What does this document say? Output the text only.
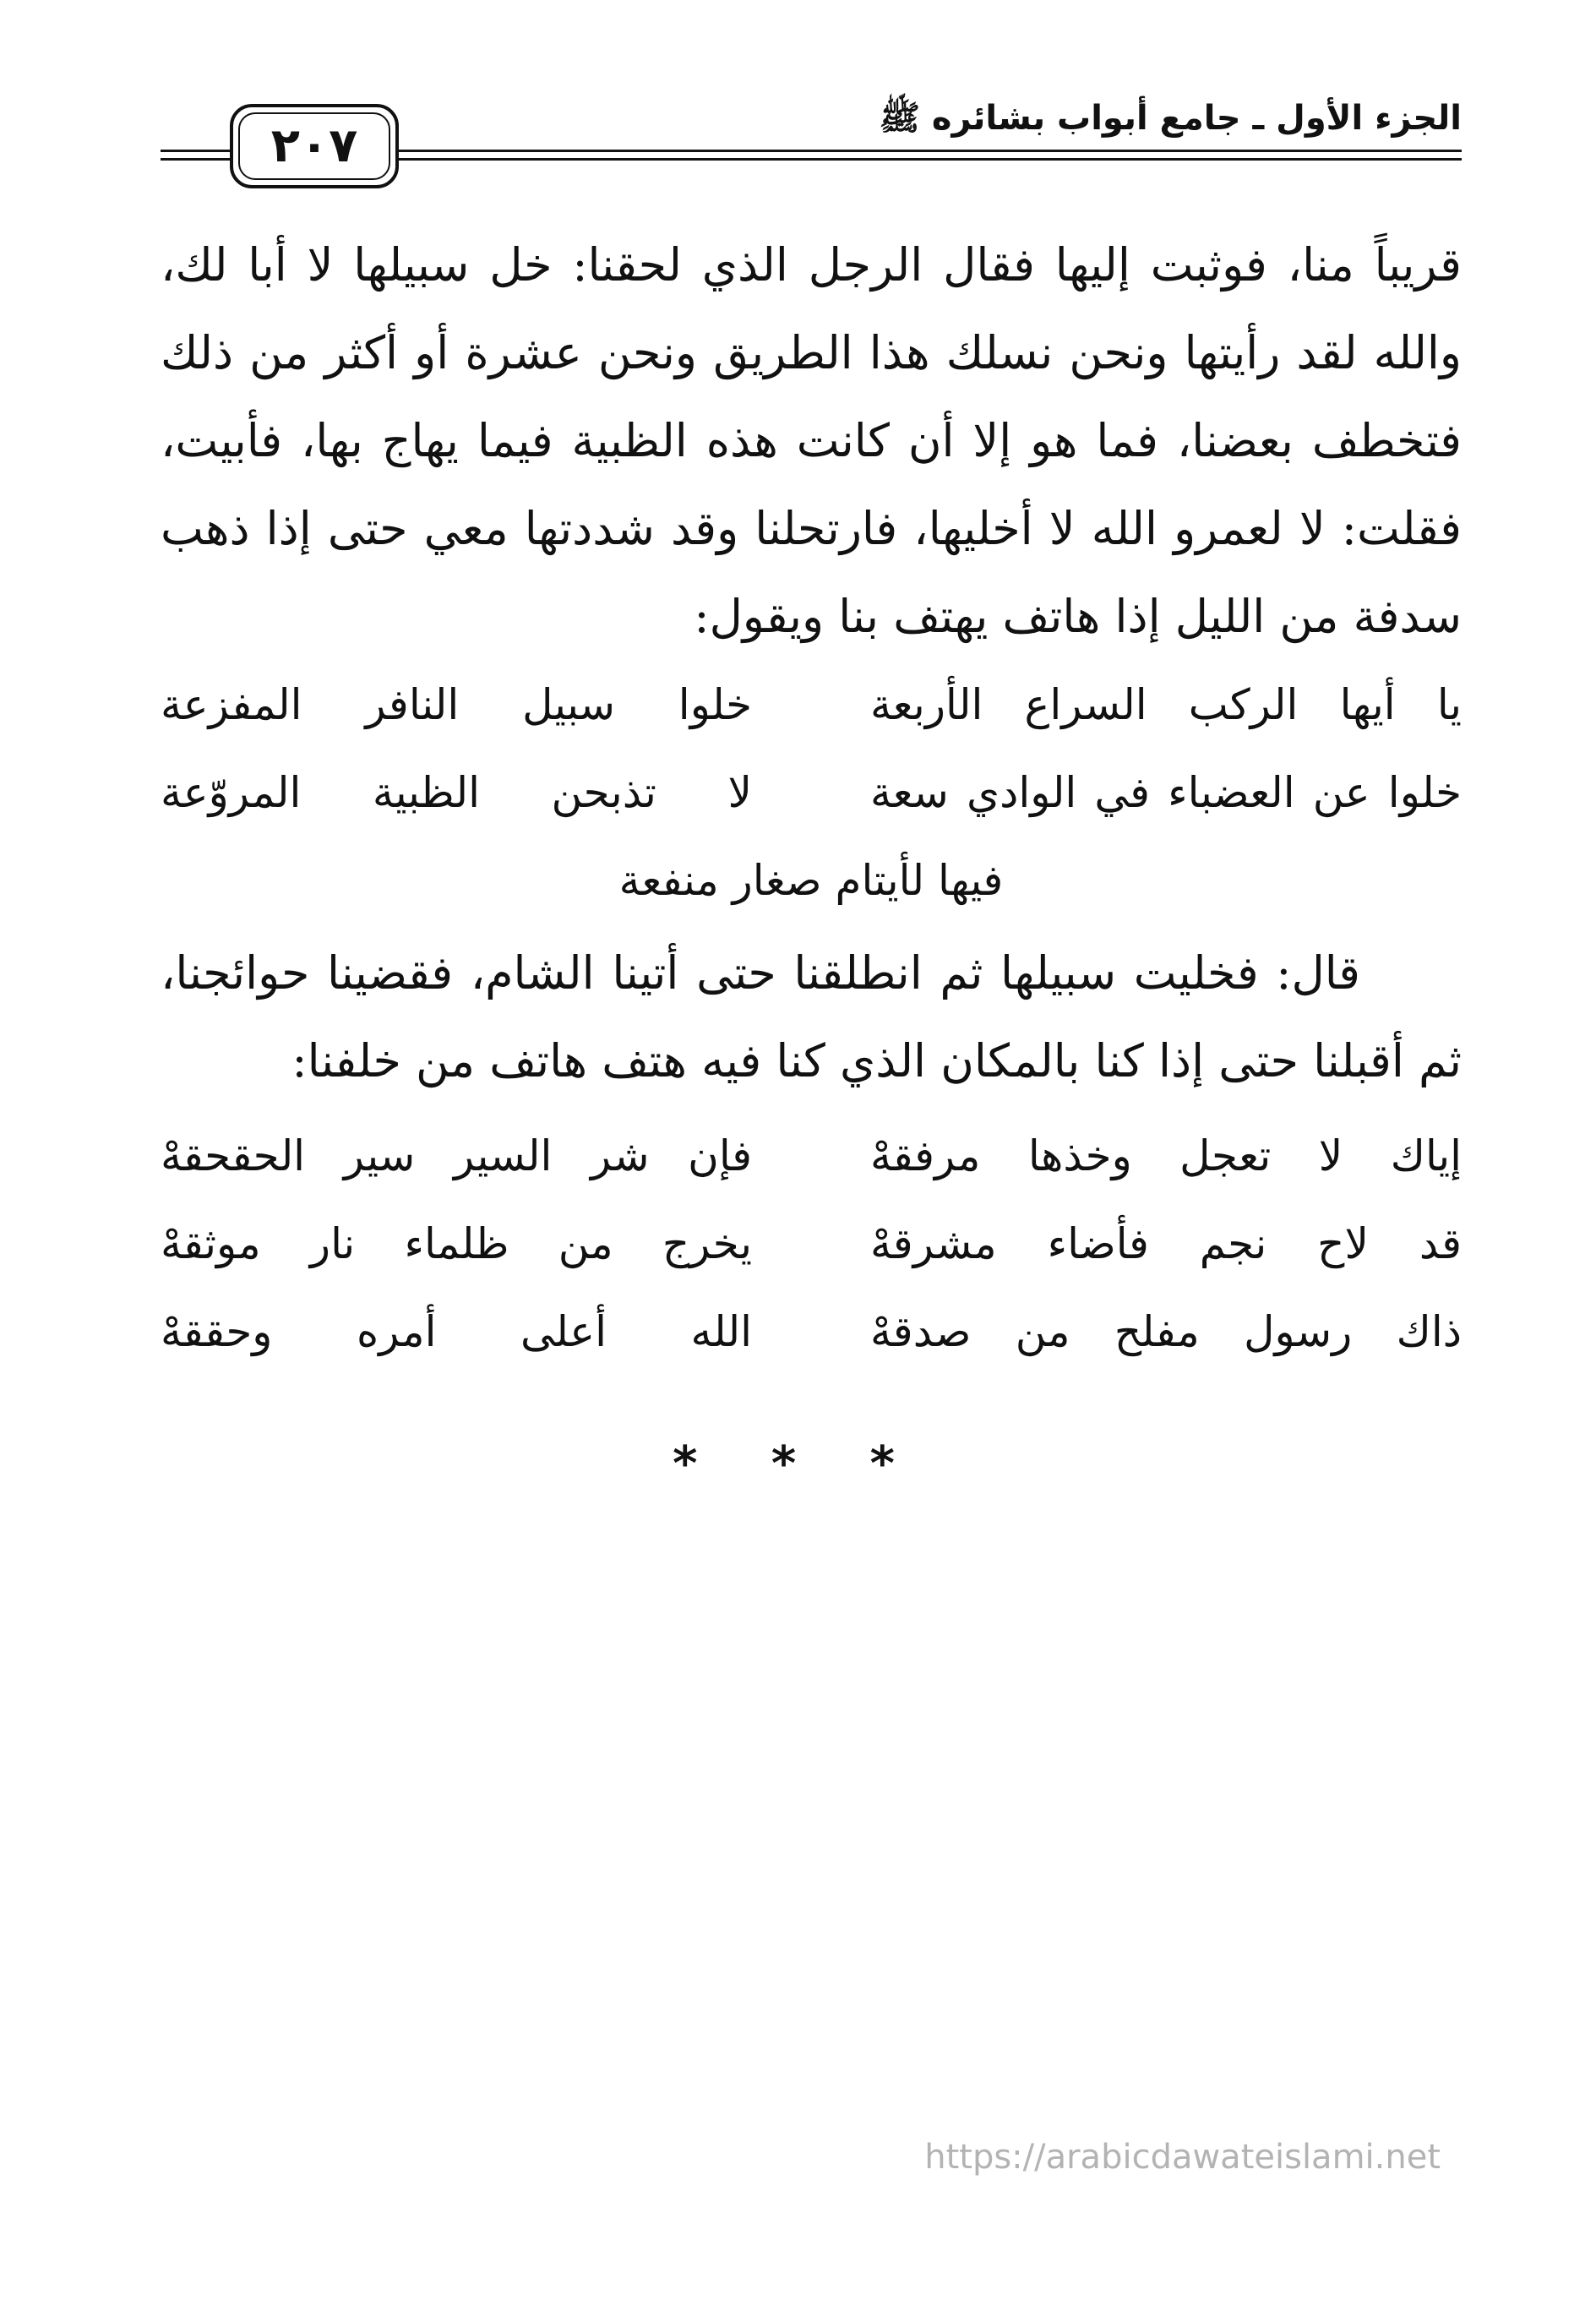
٢٠٧	الجزء الأول ـ جامع أبواب بشائره ﷺ
قريباً منا، فوثبت إليها فقال الرجل الذي لحقنا: خل سبيلها لا أبا لك،
والله لقد رأيتها ونحن نسلك هذا الطريق ونحن عشرة أو أكثر من ذلك
فتخطف بعضنا، فما هو إلا أن كانت هذه الظبية فيما يهاج بها، فأبيت،
فقلت: لا لعمرو الله لا أخليها، فارتحلنا وقد شددتها معي حتى إذا ذهب
سدفة من الليل إذا هاتف يهتف بنا ويقول:
يا أيها الركب السراع الأربعة
خلوا سبيل النافر المفزعة
خلوا عن العضباء في الوادي سعة
لا تذبحن الظبية المروّعة
فيها لأيتام صغار منفعة
قال: فخليت سبيلها ثم انطلقنا حتى أتينا الشام، فقضينا حوائجنا،
ثم أقبلنا حتى إذا كنا بالمكان الذي كنا فيه هتف هاتف من خلفنا:
إياك لا تعجل وخذها مرفقهْ
فإن شر السير سير الحقحقهْ
قد لاح نجم فأضاء مشرقهْ
يخرج من ظلماء نار موثقهْ
ذاك رسول مفلح من صدقهْ
الله أعلى أمره وحققهْ
* * *
https://arabicdawateislami.net
